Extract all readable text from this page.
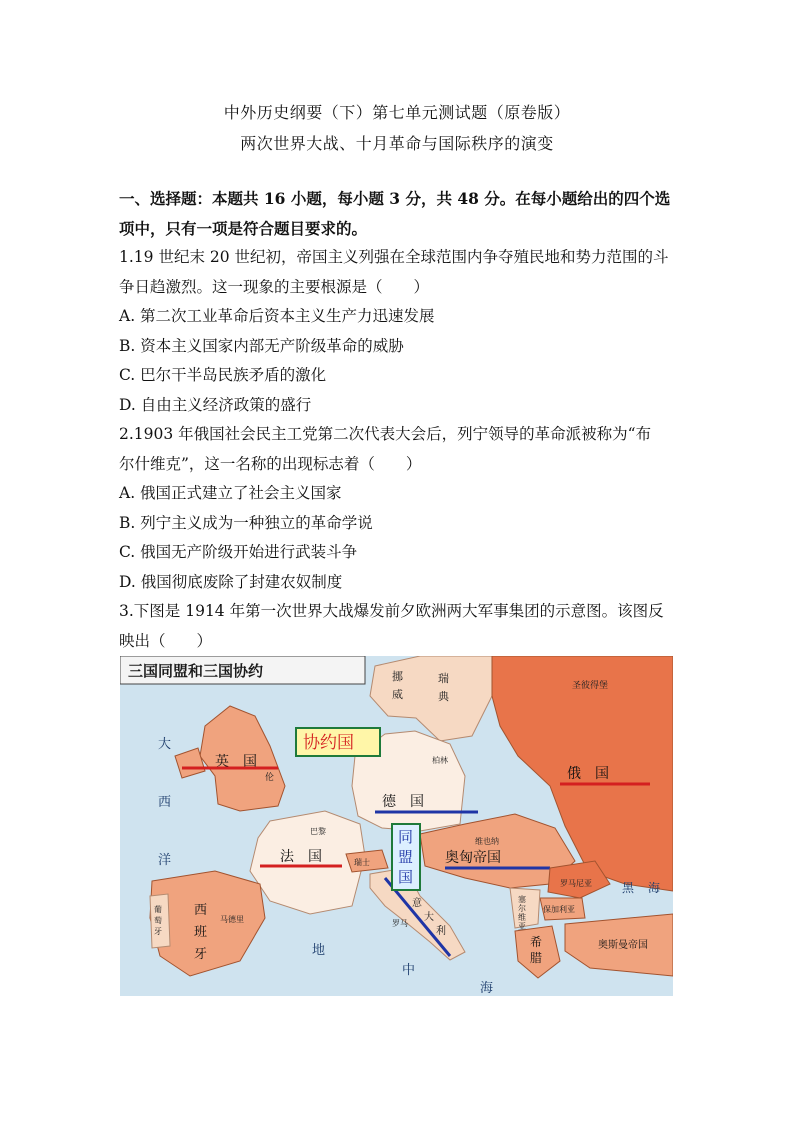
中外历史纲要（下）第七单元测试题（原卷版）
两次世界大战、十月革命与国际秩序的演变
一、选择题：本题共 16 小题，每小题 3 分，共 48 分。在每小题给出的四个选
项中，只有一项是符合题目要求的。
1.19 世纪末 20 世纪初，帝国主义列强在全球范围内争夺殖民地和势力范围的斗
争日趋激烈。这一现象的主要根源是（　　）
A. 第二次工业革命后资本主义生产力迅速发展
B. 资本主义国家内部无产阶级革命的威胁
C. 巴尔干半岛民族矛盾的激化
D. 自由主义经济政策的盛行
2.1903 年俄国社会民主工党第二次代表大会后，列宁领导的革命派被称为“布
尔什维克”，这一名称的出现标志着（　　）
A. 俄国正式建立了社会主义国家
B. 列宁主义成为一种独立的革命学说
C. 俄国无产阶级开始进行武装斗争
D. 俄国彻底废除了封建农奴制度
3.下图是 1914 年第一次世界大战爆发前夕欧洲两大军事集团的示意图。该图反
映出（　　）
三国同盟和三国协约	挪
威
瑞
典
圣彼得堡
俄　国
英　国
伦
柏林
德　国
巴黎
法　国	瑞士
维也纳
奥匈帝国
罗马尼亚
保加利亚
塞
尔
维
亚
希
腊
奥斯曼帝国
黑 海
意
大
利
罗马
西
班
牙
马德里
葡
萄
牙
大
西
洋
地
中
海
协约国
同
盟
国
